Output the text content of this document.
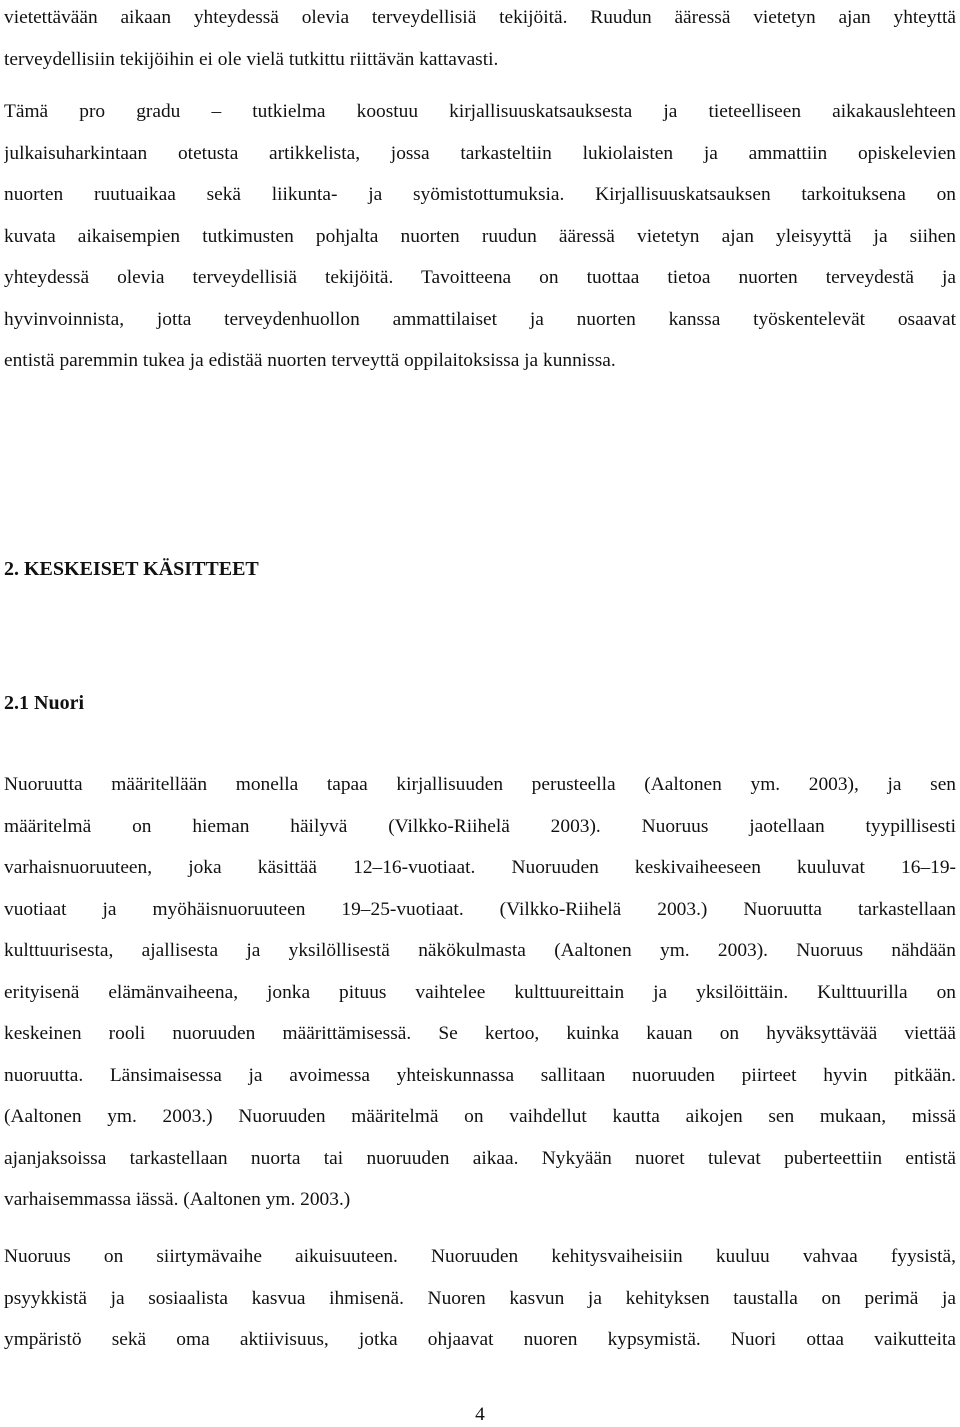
vietettävään aikaan yhteydessä olevia terveydellisiä tekijöitä. Ruudun ääressä vietetyn ajan yhteyttä
terveydellisiin tekijöihin ei ole vielä tutkittu riittävän kattavasti.
Tämä pro gradu – tutkielma koostuu kirjallisuuskatsauksesta ja tieteelliseen aikakauslehteen
julkaisuharkintaan otetusta artikkelista, jossa tarkasteltiin lukiolaisten ja ammattiin opiskelevien
nuorten ruutuaikaa sekä liikunta- ja syömistottumuksia. Kirjallisuuskatsauksen tarkoituksena on
kuvata aikaisempien tutkimusten pohjalta nuorten ruudun ääressä vietetyn ajan yleisyyttä ja siihen
yhteydessä olevia terveydellisiä tekijöitä. Tavoitteena on tuottaa tietoa nuorten terveydestä ja
hyvinvoinnista, jotta terveydenhuollon ammattilaiset ja nuorten kanssa työskentelevät osaavat
entistä paremmin tukea ja edistää nuorten terveyttä oppilaitoksissa ja kunnissa.
2. KESKEISET KÄSITTEET
2.1 Nuori
Nuoruutta määritellään monella tapaa kirjallisuuden perusteella (Aaltonen ym. 2003), ja sen
määritelmä on hieman häilyvä (Vilkko-Riihelä 2003). Nuoruus jaotellaan tyypillisesti
varhaisnuoruuteen, joka käsittää 12–16-vuotiaat. Nuoruuden keskivaiheeseen kuuluvat 16–19-
vuotiaat ja myöhäisnuoruuteen 19–25-vuotiaat. (Vilkko-Riihelä 2003.) Nuoruutta tarkastellaan
kulttuurisesta, ajallisesta ja yksilöllisestä näkökulmasta (Aaltonen ym. 2003). Nuoruus nähdään
erityisenä elämänvaiheena, jonka pituus vaihtelee kulttuureittain ja yksilöittäin. Kulttuurilla on
keskeinen rooli nuoruuden määrittämisessä. Se kertoo, kuinka kauan on hyväksyttävää viettää
nuoruutta. Länsimaisessa ja avoimessa yhteiskunnassa sallitaan nuoruuden piirteet hyvin pitkään.
(Aaltonen ym. 2003.) Nuoruuden määritelmä on vaihdellut kautta aikojen sen mukaan, missä
ajanjaksoissa tarkastellaan nuorta tai nuoruuden aikaa. Nykyään nuoret tulevat puberteettiin entistä
varhaisemmassa iässä. (Aaltonen ym. 2003.)
Nuoruus on siirtymävaihe aikuisuuteen. Nuoruuden kehitysvaiheisiin kuuluu vahvaa fyysistä,
psyykkistä ja sosiaalista kasvua ihmisenä. Nuoren kasvun ja kehityksen taustalla on perimä ja
ympäristö sekä oma aktiivisuus, jotka ohjaavat nuoren kypsymistä. Nuori ottaa vaikutteita
4
